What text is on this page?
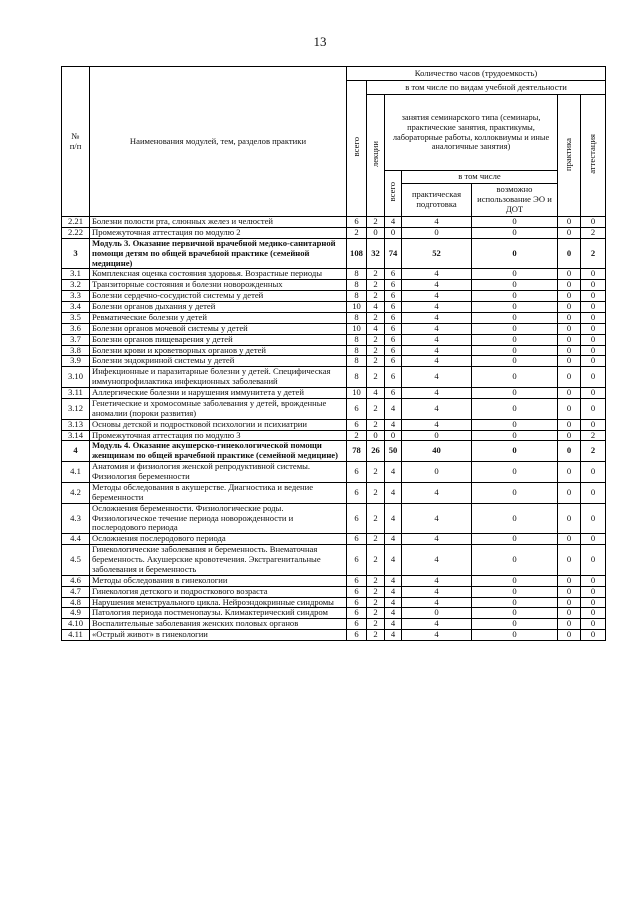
13
№
п/п	Наименования модулей, тем, разделов практики	Количество часов (трудоемкость)						
		всего	в том числе по видам учебной деятельности					
			лекции	занятия семинарского типа (семинары, практические занятия, практикумы, лабораторные работы, коллоквиумы и иные аналогичные занятия)			практика	аттестация
				всего	в том числе			
					практическая подготовка	возможно использование ЭО и ДОТ		
2.21	Болезни полости рта, слюнных желез и челюстей	6	2	4	4	0	0	0
2.22	Промежуточная аттестация по модулю 2	2	0	0	0	0	0	2
3	Модуль 3. Оказание первичной врачебной медико-санитарной помощи детям по общей врачебной практике (семейной медицине)	108	32	74	52	0	0	2
3.1	Комплексная оценка состояния здоровья. Возрастные периоды	8	2	6	4	0	0	0
3.2	Транзиторные состояния и болезни новорожденных	8	2	6	4	0	0	0
3.3	Болезни сердечно-сосудистой системы у детей	8	2	6	4	0	0	0
3.4	Болезни органов дыхания у детей	10	4	6	4	0	0	0
3.5	Ревматические болезни у детей	8	2	6	4	0	0	0
3.6	Болезни органов мочевой системы у детей	10	4	6	4	0	0	0
3.7	Болезни органов пищеварения у детей	8	2	6	4	0	0	0
3.8	Болезни крови и кроветворных органов у детей	8	2	6	4	0	0	0
3.9	Болезни эндокринной системы у детей	8	2	6	4	0	0	0
3.10	Инфекционные и паразитарные болезни у детей. Специфическая иммунопрофилактика инфекционных заболеваний	8	2	6	4	0	0	0
3.11	Аллергические болезни и нарушения иммунитета у детей	10	4	6	4	0	0	0
3.12	Генетические и хромосомные заболевания у детей, врожденные аномалии (пороки развития)	6	2	4	4	0	0	0
3.13	Основы детской и подростковой психологии и психиатрии	6	2	4	4	0	0	0
3.14	Промежуточная аттестация по модулю 3	2	0	0	0	0	0	2
4	Модуль 4. Оказание акушерско-гинекологической помощи женщинам по общей врачебной практике (семейной медицине)	78	26	50	40	0	0	2
4.1	Анатомия и физиология женской репродуктивной системы. Физиология беременности	6	2	4	0	0	0	0
4.2	Методы обследования в акушерстве. Диагностика и ведение беременности	6	2	4	4	0	0	0
4.3	Осложнения беременности. Физиологические роды. Физиологическое течение периода новорожденности и послеродового периода	6	2	4	4	0	0	0
4.4	Осложнения послеродового периода	6	2	4	4	0	0	0
4.5	Гинекологические заболевания и беременность. Внематочная беременность. Акушерские кровотечения. Экстрагенитальные заболевания и беременность	6	2	4	4	0	0	0
4.6	Методы обследования в гинекологии	6	2	4	4	0	0	0
4.7	Гинекология детского и подросткового возраста	6	2	4	4	0	0	0
4.8	Нарушения менструального цикла. Нейроэндокринные синдромы	6	2	4	4	0	0	0
4.9	Патология периода постменопаузы. Климактерический синдром	6	2	4	0	0	0	0
4.10	Воспалительные заболевания женских половых органов	6	2	4	4	0	0	0
4.11	«Острый живот» в гинекологии	6	2	4	4	0	0	0
